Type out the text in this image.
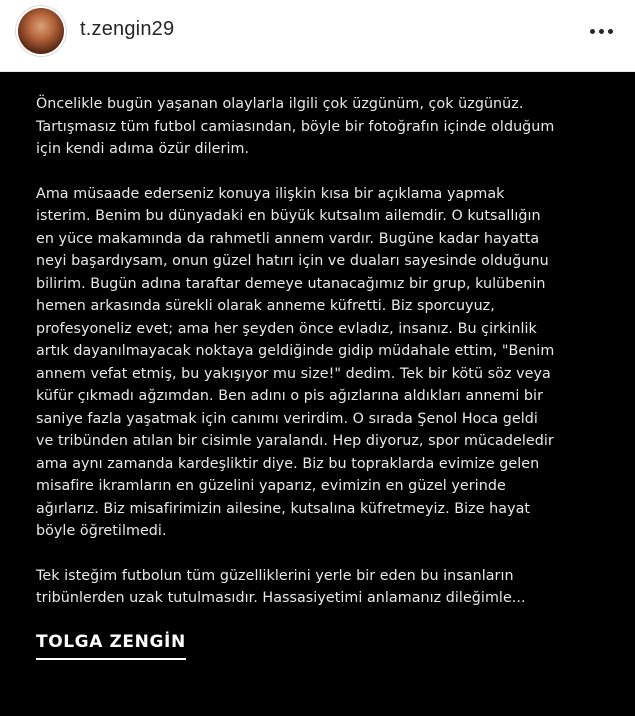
t.zengin29

Öncelikle bugün yaşanan olaylarla ilgili çok üzgünüm, çok üzgünüz.
Tartışmasız tüm futbol camiasından, böyle bir fotoğrafın içinde olduğum
için kendi adıma özür dilerim.

Ama müsaade ederseniz konuya ilişkin kısa bir açıklama yapmak
isterim. Benim bu dünyadaki en büyük kutsalım ailemdir. O kutsallığın
en yüce makamında da rahmetli annem vardır. Bugüne kadar hayatta
neyi başardıysam, onun güzel hatırı için ve duaları sayesinde olduğunu
bilirim. Bugün adına taraftar demeye utanacağımız bir grup, kulübenin
hemen arkasında sürekli olarak anneme küfretti. Biz sporcuyuz,
profesyoneliz evet; ama her şeyden önce evladız, insanız. Bu çirkinlik
artık dayanılmayacak noktaya geldiğinde gidip müdahale ettim, "Benim
annem vefat etmiş, bu yakışıyor mu size!" dedim. Tek bir kötü söz veya
küfür çıkmadı ağzımdan. Ben adını o pis ağızlarına aldıkları annemi bir
saniye fazla yaşatmak için canımı verirdim. O sırada Şenol Hoca geldi
ve tribünden atılan bir cisimle yaralandı. Hep diyoruz, spor mücadeledir
ama aynı zamanda kardeşliktir diye. Biz bu topraklarda evimize gelen
misafire ikramların en güzelini yaparız, evimizin en güzel yerinde
ağırlarız. Biz misafirimizin ailesine, kutsalına küfretmeyiz. Bize hayat
böyle öğretilmedi.

Tek isteğim futbolun tüm güzelliklerini yerle bir eden bu insanların
tribünlerden uzak tutulmasıdır. Hassasiyetimi anlamanız dileğimle...

TOLGA ZENGİN
